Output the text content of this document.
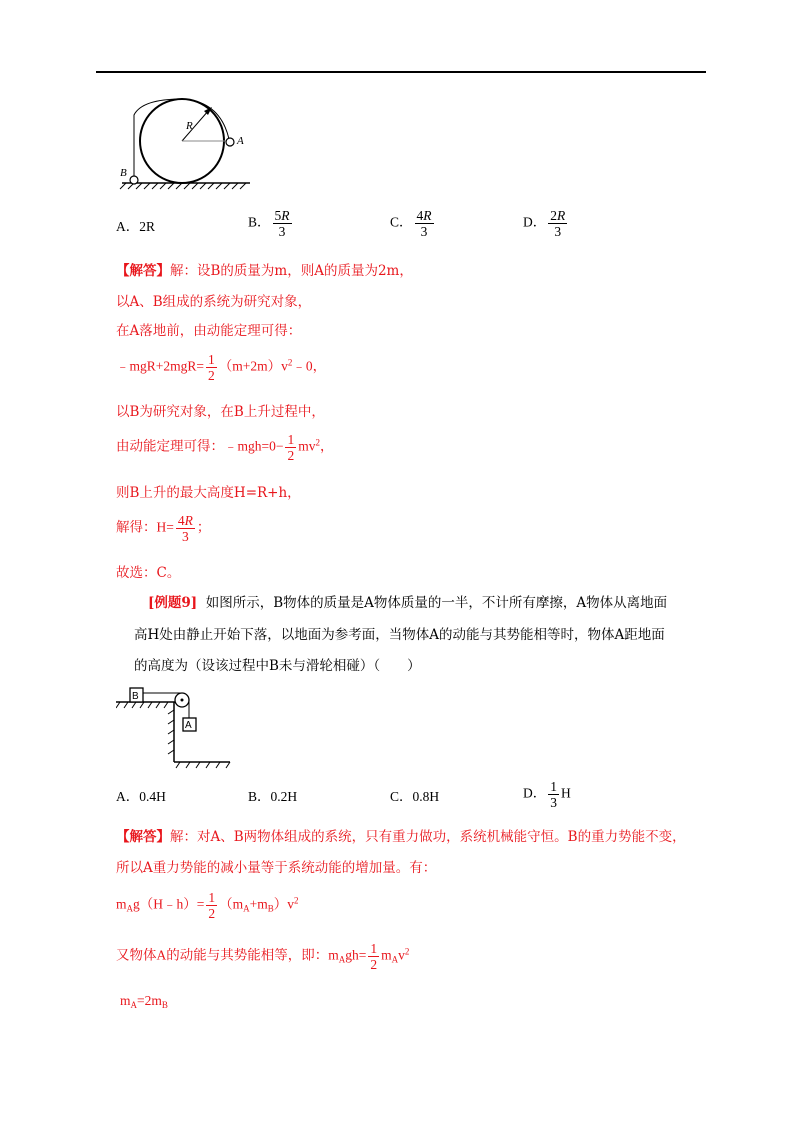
R
A
B
A．2R	B． $\frac{5R}{3}$	C． $\frac{4R}{3}$	D． $\frac{2R}{3}$
【解答】解：设B的质量为m，则A的质量为2m，
以A、B组成的系统为研究对象，
在A落地前，由动能定理可得：
﹣mgR+2mgR= $\frac{1}{2}$ $(m+2m)v^2﹣0$，
以B为研究对象，在B上升过程中，
由动能定理可得：﹣mgh=0− $\frac{1}{2} mv^2$，
则B上升的最大高度H=R+h，
解得：$H= \frac{4R}{3}$ ；
故选：C。
[例题9] 如图所示，B物体的质量是A物体质量的一半，不计所有摩擦，A物体从离地面
高H处由静止开始下落，以地面为参考面，当物体A的动能与其势能相等时，物体A距地面
的高度为（设该过程中B未与滑轮相碰）（　　）
B
A
A．0.4H	B．0.2H	C．0.8H	D． $\frac{1}{3}$ H
【解答】解：对A、B两物体组成的系统，只有重力做功，系统机械能守恒。B的重力势能不变，
所以A重力势能的减小量等于系统动能的增加量。有：
$m_Ag(H﹣h)= \frac{1}{2} (m_A+m_B)v^2$
又物体A的动能与其势能相等，即：$m_Agh= \frac{1}{2} m_Av^2$
$m_A=2m_B$
